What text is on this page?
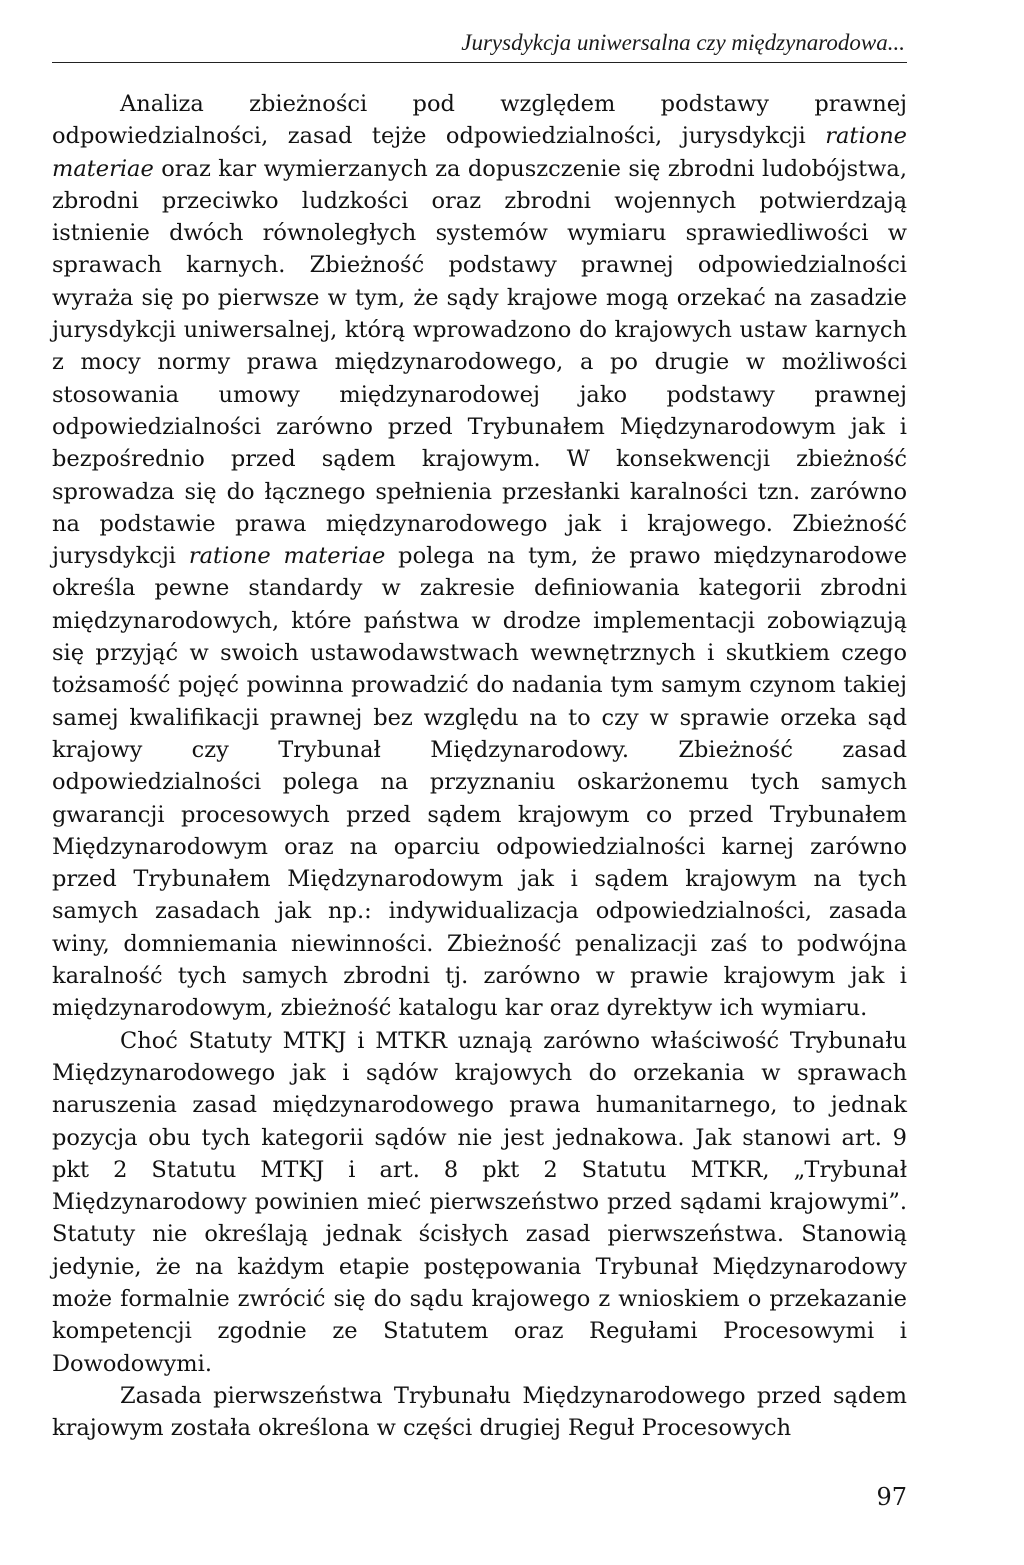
Jurysdykcja uniwersalna czy międzynarodowa...

Analiza zbieżności pod względem podstawy prawnej odpowiedzialności, zasad tejże odpowiedzialności, jurysdykcji ratione materiae oraz kar wymierzanych za dopuszczenie się zbrodni ludobójstwa, zbrodni przeciwko ludzkości oraz zbrodni wojennych potwierdzają istnienie dwóch równoległych systemów wymiaru sprawiedliwości w sprawach karnych. Zbieżność podstawy prawnej odpowiedzialności wyraża się po pierwsze w tym, że sądy krajowe mogą orzekać na zasadzie jurysdykcji uniwersalnej, którą wprowadzono do krajowych ustaw karnych z mocy normy prawa międzynarodowego, a po drugie w możliwości stosowania umowy międzynarodowej jako podstawy prawnej odpowiedzialności zarówno przed Trybunałem Międzynarodowym jak i bezpośrednio przed sądem krajowym. W konsekwencji zbieżność sprowadza się do łącznego spełnienia przesłanki karalności tzn. zarówno na podstawie prawa międzynarodowego jak i krajowego. Zbieżność jurysdykcji ratione materiae polega na tym, że prawo międzynarodowe określa pewne standardy w zakresie definiowania kategorii zbrodni międzynarodowych, które państwa w drodze implementacji zobowiązują się przyjąć w swoich ustawodawstwach wewnętrznych i skutkiem czego tożsamość pojęć powinna prowadzić do nadania tym samym czynom takiej samej kwalifikacji prawnej bez względu na to czy w sprawie orzeka sąd krajowy czy Trybunał Międzynarodowy. Zbieżność zasad odpowiedzialności polega na przyznaniu oskarżonemu tych samych gwarancji procesowych przed sądem krajowym co przed Trybunałem Międzynarodowym oraz na oparciu odpowiedzialności karnej zarówno przed Trybunałem Międzynarodowym jak i sądem krajowym na tych samych zasadach jak np.: indywidualizacja odpowiedzialności, zasada winy, domniemania niewinności. Zbieżność penalizacji zaś to podwójna karalność tych samych zbrodni tj. zarówno w prawie krajowym jak i międzynarodowym, zbieżność katalogu kar oraz dyrektyw ich wymiaru.

Choć Statuty MTKJ i MTKR uznają zarówno właściwość Trybunału Międzynarodowego jak i sądów krajowych do orzekania w sprawach naruszenia zasad międzynarodowego prawa humanitarnego, to jednak pozycja obu tych kategorii sądów nie jest jednakowa. Jak stanowi art. 9 pkt 2 Statutu MTKJ i art. 8 pkt 2 Statutu MTKR, „Trybunał Międzynarodowy powinien mieć pierwszeństwo przed sądami krajowymi”. Statuty nie określają jednak ścisłych zasad pierwszeństwa. Stanowią jedynie, że na każdym etapie postępowania Trybunał Międzynarodowy może formalnie zwrócić się do sądu krajowego z wnioskiem o przekazanie kompetencji zgodnie ze Statutem oraz Regułami Procesowymi i Dowodowymi.

Zasada pierwszeństwa Trybunału Międzynarodowego przed sądem krajowym została określona w części drugiej Reguł Procesowych

97
